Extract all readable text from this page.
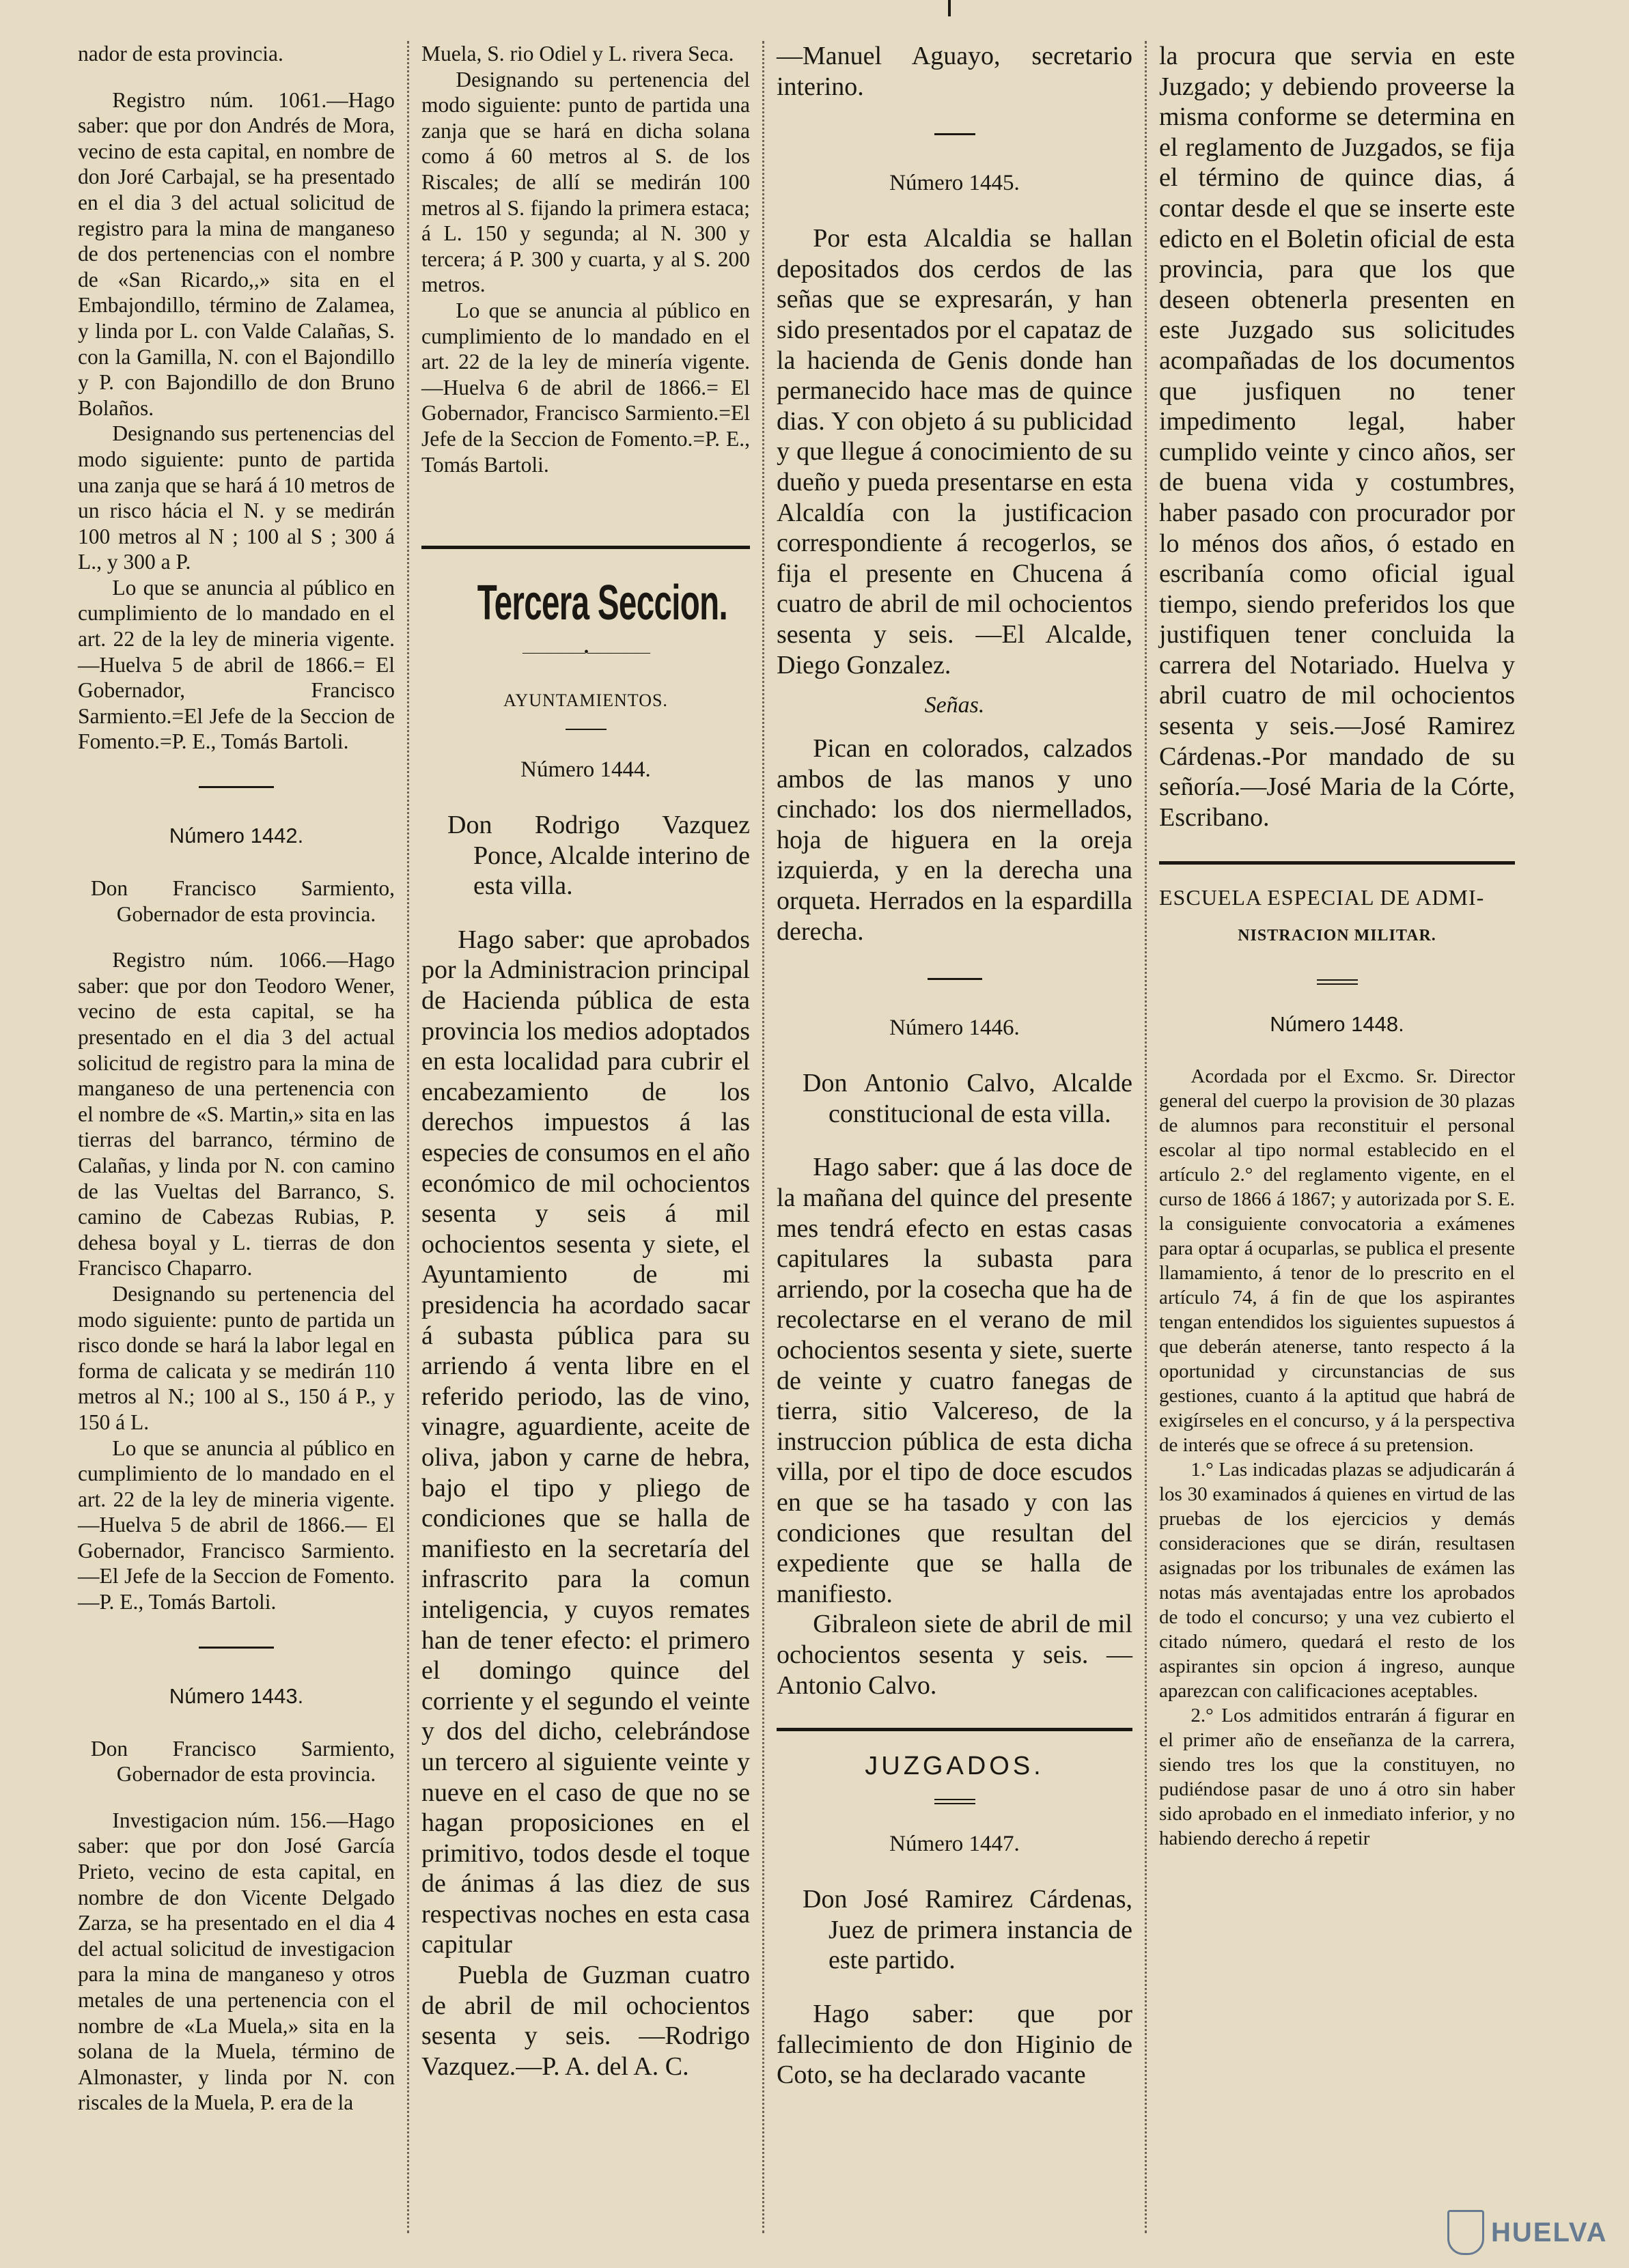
nador de esta provincia.

Registro núm. 1061.—Hago saber: que por don Andrés de Mora, vecino de esta capital, en nombre de don Joré Carbajal, se ha presentado en el dia 3 del actual solicitud de registro para la mina de manganeso de dos pertenencias con el nombre de «San Ricardo,,» sita en el Embajondillo, término de Zalamea, y linda por L. con Valde Calañas, S. con la Gamilla, N. con el Bajondillo y P. con Bajondillo de don Bruno Bolaños.

Designando sus pertenencias del modo siguiente: punto de partida una zanja que se hará á 10 metros de un risco hácia el N. y se medirán 100 metros al N ; 100 al S ; 300 á L., y 300 a P.

Lo que se anuncia al público en cumplimiento de lo mandado en el art. 22 de la ley de mineria vigente. —Huelva 5 de abril de 1866.= El Gobernador, Francisco Sarmiento.=El Jefe de la Seccion de Fomento.=P. E., Tomás Bartoli.

Número 1442.

Don Francisco Sarmiento, Gobernador de esta provincia.

Registro núm. 1066.—Hago saber: que por don Teodoro Wener, vecino de esta capital, se ha presentado en el dia 3 del actual solicitud de registro para la mina de manganeso de una pertenencia con el nombre de «S. Martin,» sita en las tierras del barranco, término de Calañas, y linda por N. con camino de las Vueltas del Barranco, S. camino de Cabezas Rubias, P. dehesa boyal y L. tierras de don Francisco Chaparro.

Designando su pertenencia del modo siguiente: punto de partida un risco donde se hará la labor legal en forma de calicata y se medirán 110 metros al N.; 100 al S., 150 á P., y 150 á L.

Lo que se anuncia al público en cumplimiento de lo mandado en el art. 22 de la ley de mineria vigente. —Huelva 5 de abril de 1866.— El Gobernador, Francisco Sarmiento.—El Jefe de la Seccion de Fomento.—P. E., Tomás Bartoli.

Número 1443.

Don Francisco Sarmiento, Gobernador de esta provincia.

Investigacion núm. 156.—Hago saber: que por don José García Prieto, vecino de esta capital, en nombre de don Vicente Delgado Zarza, se ha presentado en el dia 4 del actual solicitud de investigacion para la mina de manganeso y otros metales de una pertenencia con el nombre de «La Muela,» sita en la solana de la Muela, término de Almonaster, y linda por N. con riscales de la Muela, P. era de la

Muela, S. rio Odiel y L. rivera Seca.

Designando su pertenencia del modo siguiente: punto de partida una zanja que se hará en dicha solana como á 60 metros al S. de los Riscales; de allí se medirán 100 metros al S. fijando la primera estaca; á L. 150 y segunda; al N. 300 y tercera; á P. 300 y cuarta, y al S. 200 metros.

Lo que se anuncia al público en cumplimiento de lo mandado en el art. 22 de la ley de minería vigente. —Huelva 6 de abril de 1866.= El Gobernador, Francisco Sarmiento.=El Jefe de la Seccion de Fomento.=P. E., Tomás Bartoli.

Tercera Seccion.
—————•—————
AYUNTAMIENTOS.
Número 1444.

Don Rodrigo Vazquez Ponce, Alcalde interino de esta villa.

Hago saber: que aprobados por la Administracion principal de Hacienda pública de esta provincia los medios adoptados en esta localidad para cubrir el encabezamiento de los derechos impuestos á las especies de consumos en el año económico de mil ochocientos sesenta y seis á mil ochocientos sesenta y siete, el Ayuntamiento de mi presidencia ha acordado sacar á subasta pública para su arriendo á venta libre en el referido periodo, las de vino, vinagre, aguardiente, aceite de oliva, jabon y carne de hebra, bajo el tipo y pliego de condiciones que se halla de manifiesto en la secretaría del infrascrito para la comun inteligencia, y cuyos remates han de tener efecto: el primero el domingo quince del corriente y el segundo el veinte y dos del dicho, celebrándose un tercero al siguiente veinte y nueve en el caso de que no se hagan proposiciones en el primitivo, todos desde el toque de ánimas á las diez de sus respectivas noches en esta casa capitular

Puebla de Guzman cuatro de abril de mil ochocientos sesenta y seis. —Rodrigo Vazquez.—P. A. del A. C.

—Manuel Aguayo, secretario interino.

Número 1445.

Por esta Alcaldia se hallan depositados dos cerdos de las señas que se expresarán, y han sido presentados por el capataz de la hacienda de Genis donde han permanecido hace mas de quince dias. Y con objeto á su publicidad y que llegue á conocimiento de su dueño y pueda presentarse en esta Alcaldía con la justificacion correspondiente á recogerlos, se fija el presente en Chucena á cuatro de abril de mil ochocientos sesenta y seis. —El Alcalde, Diego Gonzalez.

Señas.

Pican en colorados, calzados ambos de las manos y uno cinchado: los dos niermellados, hoja de higuera en la oreja izquierda, y en la derecha una orqueta. Herrados en la espardilla derecha.

Número 1446.

Don Antonio Calvo, Alcalde constitucional de esta villa.

Hago saber: que á las doce de la mañana del quince del presente mes tendrá efecto en estas casas capitulares la subasta para arriendo, por la cosecha que ha de recolectarse en el verano de mil ochocientos sesenta y siete, suerte de veinte y cuatro fanegas de tierra, sitio Valcereso, de la instruccion pública de esta dicha villa, por el tipo de doce escudos en que se ha tasado y con las condiciones que resultan del expediente que se halla de manifiesto.

Gibraleon siete de abril de mil ochocientos sesenta y seis. —Antonio Calvo.

JUZGADOS.
Número 1447.

Don José Ramirez Cárdenas, Juez de primera instancia de este partido.

Hago saber: que por fallecimiento de don Higinio de Coto, se ha declarado vacante

la procura que servia en este Juzgado; y debiendo proveerse la misma conforme se determina en el reglamento de Juzgados, se fija el término de quince dias, á contar desde el que se inserte este edicto en el Boletin oficial de esta provincia, para que los que deseen obtenerla presenten en este Juzgado sus solicitudes acompañadas de los documentos que jusfiquen no tener impedimento legal, haber cumplido veinte y cinco años, ser de buena vida y costumbres, haber pasado con procurador por lo ménos dos años, ó estado en escribanía como oficial igual tiempo, siendo preferidos los que justifiquen tener concluida la carrera del Notariado. Huelva y abril cuatro de mil ochocientos sesenta y seis.—José Ramirez Cárdenas.-Por mandado de su señoría.—José Maria de la Córte, Escribano.

ESCUELA ESPECIAL DE ADMI-
NISTRACION MILITAR.
Número 1448.

Acordada por el Excmo. Sr. Director general del cuerpo la provision de 30 plazas de alumnos para reconstituir el personal escolar al tipo normal establecido en el artículo 2.° del reglamento vigente, en el curso de 1866 á 1867; y autorizada por S. E. la consiguiente convocatoria a exámenes para optar á ocuparlas, se publica el presente llamamiento, á tenor de lo prescrito en el artículo 74, á fin de que los aspirantes tengan entendidos los siguientes supuestos á que deberán atenerse, tanto respecto á la oportunidad y circunstancias de sus gestiones, cuanto á la aptitud que habrá de exigírseles en el concurso, y á la perspectiva de interés que se ofrece á su pretension.

1.° Las indicadas plazas se adjudicarán á los 30 examinados á quienes en virtud de las pruebas de los ejercicios y demás consideraciones que se dirán, resultasen asignadas por los tribunales de exámen las notas más aventajadas entre los aprobados de todo el concurso; y una vez cubierto el citado número, quedará el resto de los aspirantes sin opcion á ingreso, aunque aparezcan con calificaciones aceptables.

2.° Los admitidos entrarán á figurar en el primer año de enseñanza de la carrera, siendo tres los que la constituyen, no pudiéndose pasar de uno á otro sin haber sido aprobado en el inmediato inferior, y no habiendo derecho á repetir

HUELVA
